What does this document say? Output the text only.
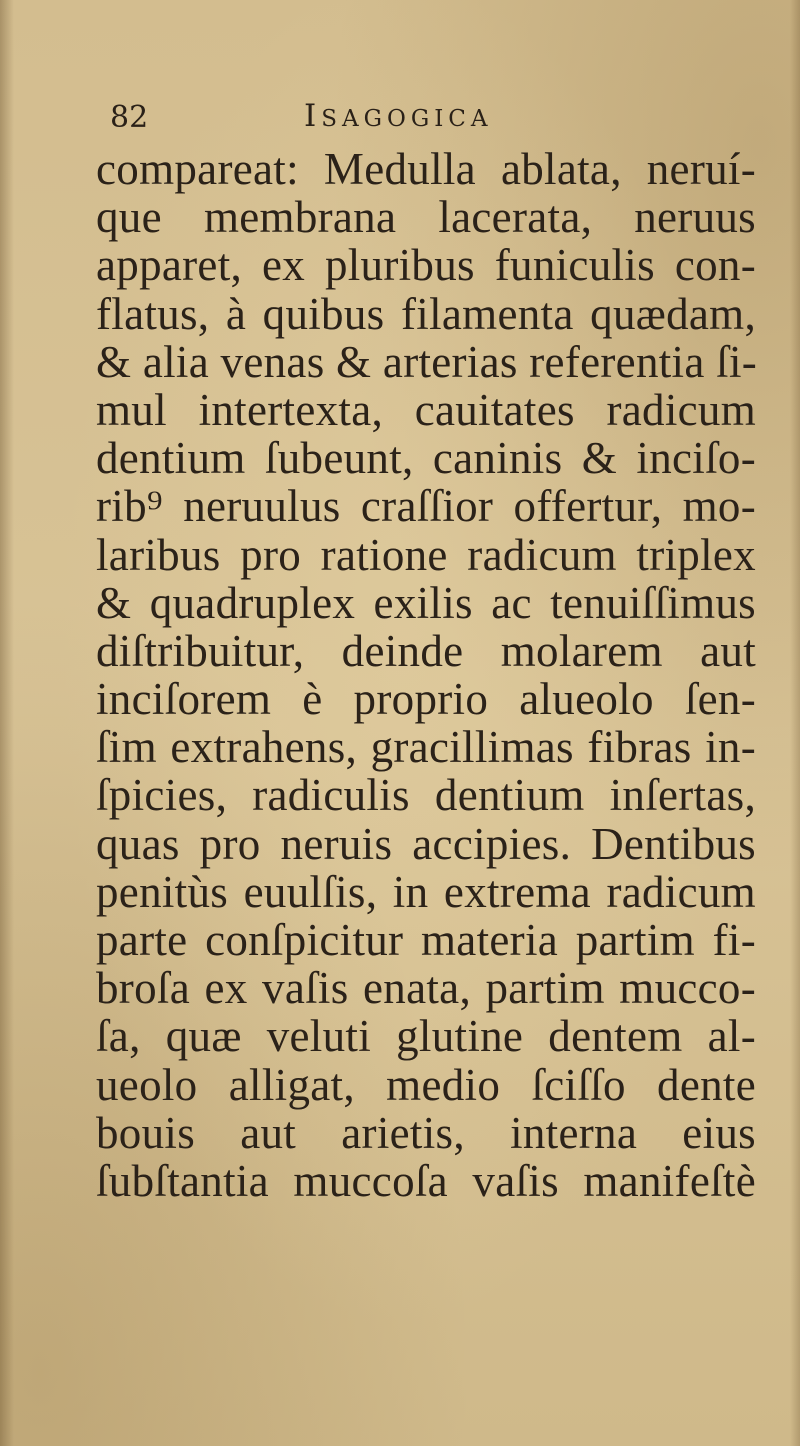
82	ISAGOGICA
compareat: Medulla ablata, neruí-
que membrana lacerata, neruus
apparet, ex pluribus funiculis con-
flatus, à quibus filamenta quædam,
& alia venas & arterias referentia ſi-
mul intertexta, cauitates radicum
dentium ſubeunt, caninis & inciſo-
rib⁹ neruulus craſſior offertur, mo-
laribus pro ratione radicum triplex
& quadruplex exilis ac tenuiſſimus
diſtribuitur, deinde molarem aut
inciſorem è proprio alueolo ſen-
ſim extrahens, gracillimas fibras in-
ſpicies, radiculis dentium inſertas,
quas pro neruis accipies. Dentibus
penitùs euulſis, in extrema radicum
parte conſpicitur materia partim fi-
broſa ex vaſis enata, partim mucco-
ſa, quæ veluti glutine dentem al-
ueolo alligat, medio ſciſſo dente
bouis aut arietis, interna eius
ſubſtantia muccoſa vaſis manifeſtè
